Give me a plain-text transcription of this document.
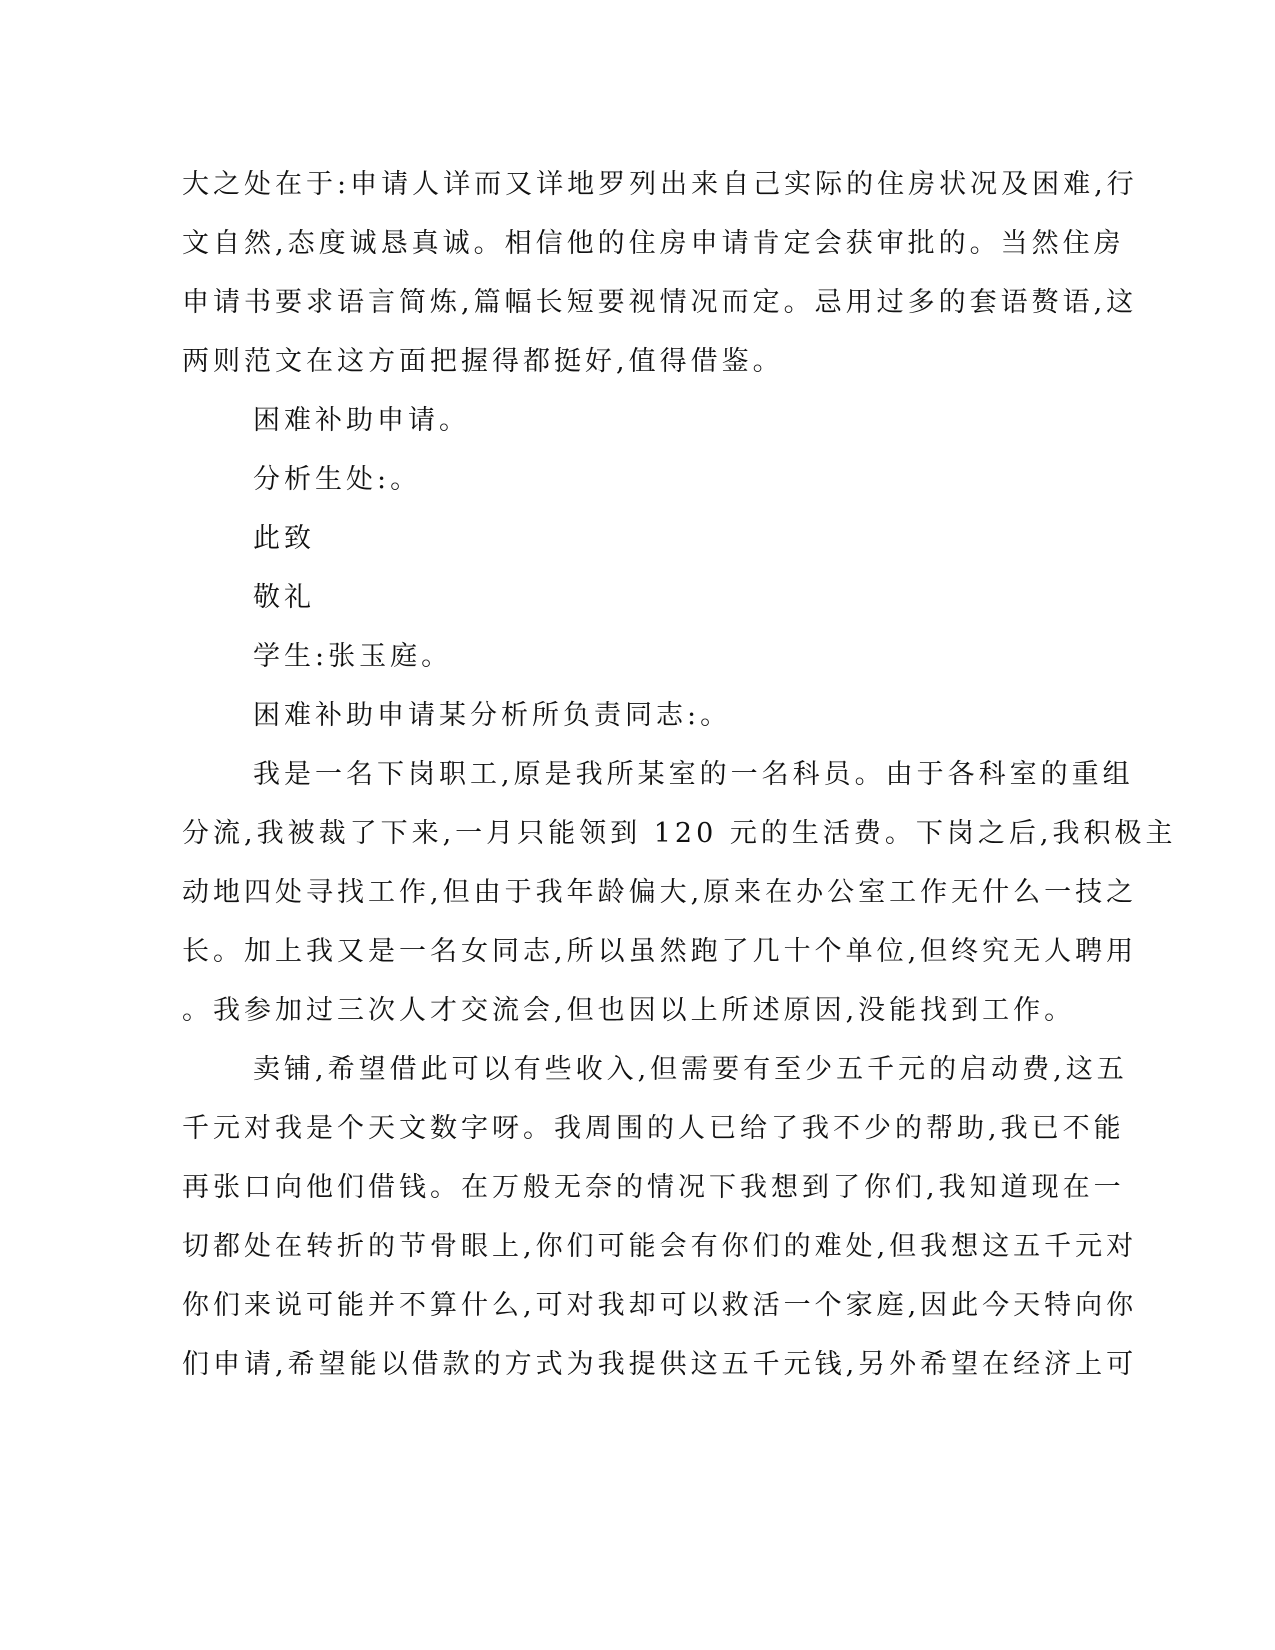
大之处在于:申请人详而又详地罗列出来自己实际的住房状况及困难,行
文自然,态度诚恳真诚。相信他的住房申请肯定会获审批的。当然住房
申请书要求语言简炼,篇幅长短要视情况而定。忌用过多的套语赘语,这
两则范文在这方面把握得都挺好,值得借鉴。
困难补助申请。
分析生处:。
此致
敬礼
学生:张玉庭。
困难补助申请某分析所负责同志:。
我是一名下岗职工,原是我所某室的一名科员。由于各科室的重组
分流,我被裁了下来,一月只能领到 120 元的生活费。下岗之后,我积极主
动地四处寻找工作,但由于我年龄偏大,原来在办公室工作无什么一技之
长。加上我又是一名女同志,所以虽然跑了几十个单位,但终究无人聘用
。我参加过三次人才交流会,但也因以上所述原因,没能找到工作。
卖铺,希望借此可以有些收入,但需要有至少五千元的启动费,这五
千元对我是个天文数字呀。我周围的人已给了我不少的帮助,我已不能
再张口向他们借钱。在万般无奈的情况下我想到了你们,我知道现在一
切都处在转折的节骨眼上,你们可能会有你们的难处,但我想这五千元对
你们来说可能并不算什么,可对我却可以救活一个家庭,因此今天特向你
们申请,希望能以借款的方式为我提供这五千元钱,另外希望在经济上可
